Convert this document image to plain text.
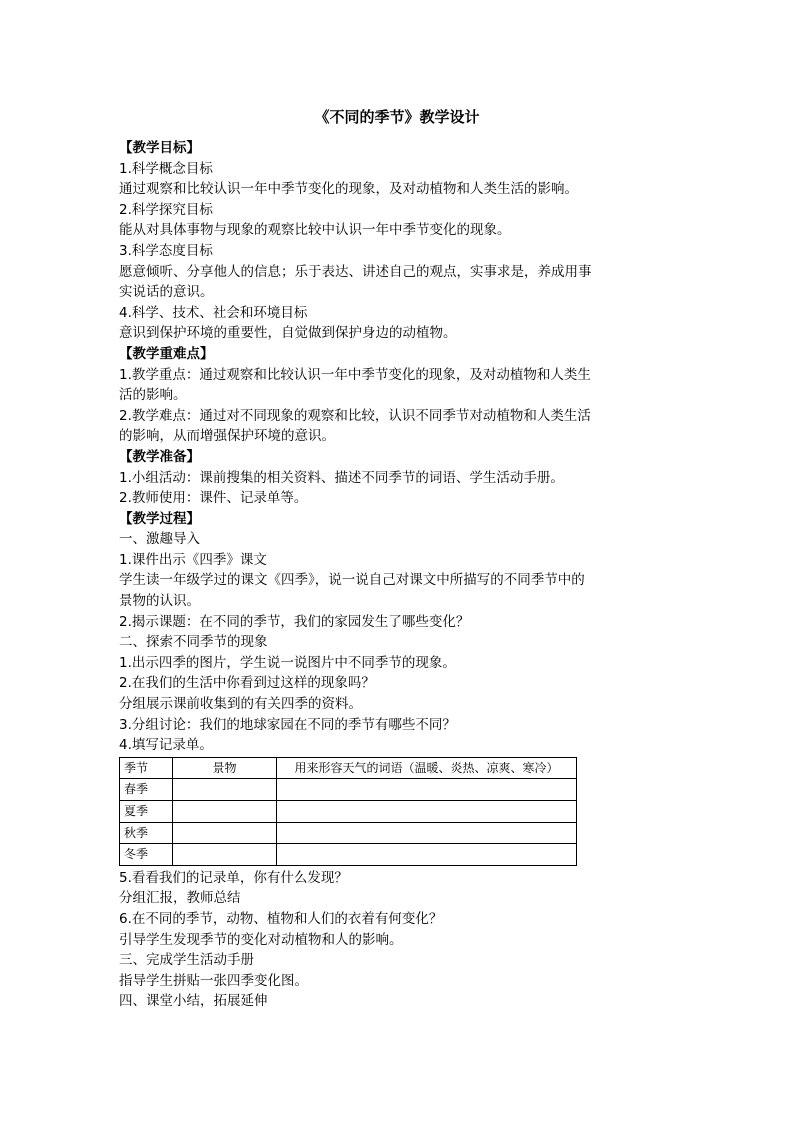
《不同的季节》教学设计

【教学目标】

1.科学概念目标

通过观察和比较认识一年中季节变化的现象，及对动植物和人类生活的影响。

2.科学探究目标

能从对具体事物与现象的观察比较中认识一年中季节变化的现象。

3.科学态度目标

愿意倾听、分享他人的信息；乐于表达、讲述自己的观点，实事求是，养成用事

实说话的意识。

4.科学、技术、社会和环境目标

意识到保护环境的重要性，自觉做到保护身边的动植物。

【教学重难点】

1.教学重点：通过观察和比较认识一年中季节变化的现象，及对动植物和人类生

活的影响。

2.教学难点：通过对不同现象的观察和比较，认识不同季节对动植物和人类生活

的影响，从而增强保护环境的意识。

【教学准备】

1.小组活动：课前搜集的相关资料、描述不同季节的词语、学生活动手册。

2.教师使用：课件、记录单等。

【教学过程】

一、激趣导入

1.课件出示《四季》课文

学生读一年级学过的课文《四季》，说一说自己对课文中所描写的不同季节中的

景物的认识。

2.揭示课题：在不同的季节，我们的家园发生了哪些变化？

二、探索不同季节的现象

1.出示四季的图片，学生说一说图片中不同季节的现象。

2.在我们的生活中你看到过这样的现象吗？

分组展示课前收集到的有关四季的资料。

3.分组讨论：我们的地球家园在不同的季节有哪些不同？

4.填写记录单。

季节	景物	用来形容天气的词语（温暖、炎热、凉爽、寒冷）
春季		
夏季		
秋季		
冬季		

5.看看我们的记录单，你有什么发现？

分组汇报，教师总结

6.在不同的季节，动物、植物和人们的衣着有何变化？

引导学生发现季节的变化对动植物和人的影响。

三、完成学生活动手册

指导学生拼贴一张四季变化图。

四、课堂小结，拓展延伸
